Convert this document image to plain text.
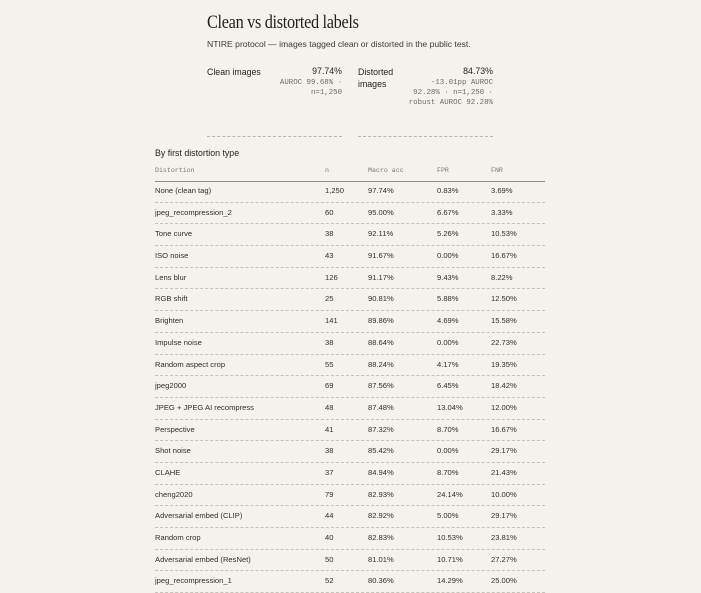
Clean vs distorted labels
NTIRE protocol — images tagged clean or distorted in the public test.
Clean images	97.74%
AUROC 99.68% · n=1,250
Distorted images
84.73%
-13.01pp AUROC 92.28% · n=1,250 · robust AUROC 92.28%
By first distortion type
Distortion	n	Macro acc	FPR	FNR
None (clean tag)	1,250	97.74%	0.83%	3.69%
jpeg_recompression_2	60	95.00%	6.67%	3.33%
Tone curve	38	92.11%	5.26%	10.53%
ISO noise	43	91.67%	0.00%	16.67%
Lens blur	126	91.17%	9.43%	8.22%
RGB shift	25	90.81%	5.88%	12.50%
Brighten	141	89.86%	4.69%	15.58%
Impulse noise	38	88.64%	0.00%	22.73%
Random aspect crop	55	88.24%	4.17%	19.35%
jpeg2000	69	87.56%	6.45%	18.42%
JPEG + JPEG AI recompress	48	87.48%	13.04%	12.00%
Perspective	41	87.32%	8.70%	16.67%
Shot noise	38	85.42%	0.00%	29.17%
CLAHE	37	84.94%	8.70%	21.43%
cheng2020	79	82.93%	24.14%	10.00%
Adversarial embed (CLIP)	44	82.92%	5.00%	29.17%
Random crop	40	82.83%	10.53%	23.81%
Adversarial embed (ResNet)	50	81.01%	10.71%	27.27%
jpeg_recompression_1	52	80.36%	14.29%	25.00%
